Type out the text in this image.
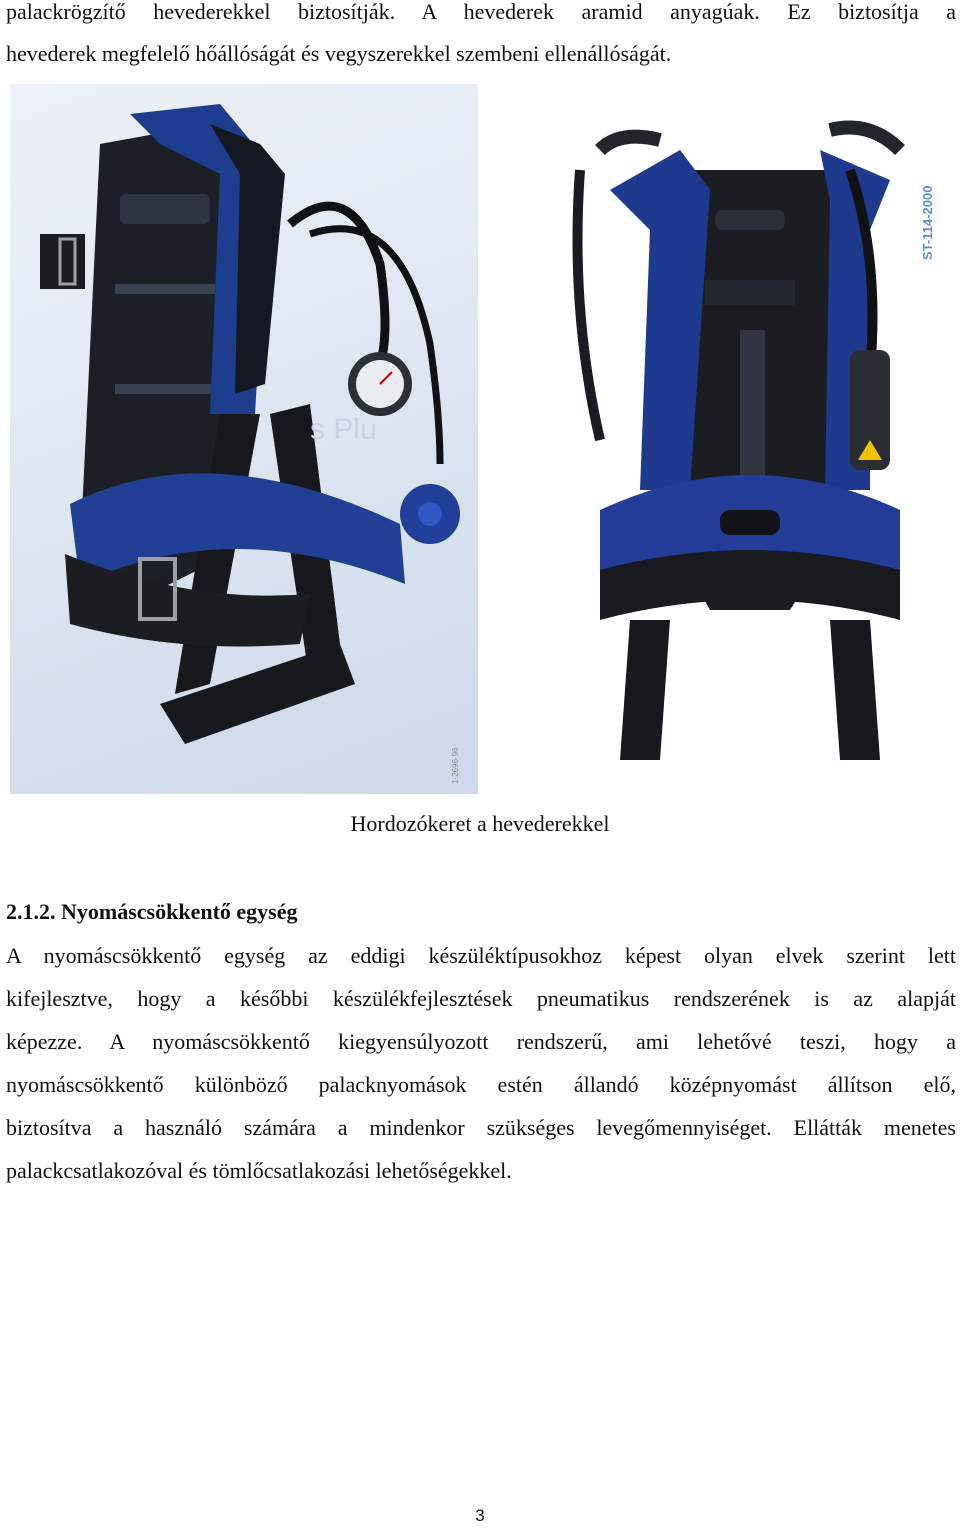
palackrögzítő hevederekkel biztosítják. A hevederek aramid anyagúak. Ez biztosítja a
hevederek megfelelő hőállóságát és vegyszerekkel szembeni ellenállóságát.
s Plu
1-2696-96
ST-114-2000
Hordozókeret a hevederekkel
2.1.2. Nyomáscsökkentő egység
A nyomáscsökkentő egység az eddigi készüléktípusokhoz képest olyan elvek szerint lett
kifejlesztve, hogy a későbbi készülékfejlesztések pneumatikus rendszerének is az alapját
képezze. A nyomáscsökkentő kiegyensúlyozott rendszerű, ami lehetővé teszi, hogy a
nyomáscsökkentő különböző palacknyomások estén állandó középnyomást állítson elő,
biztosítva a használó számára a mindenkor szükséges levegőmennyiséget. Ellátták menetes
palackcsatlakozóval és tömlőcsatlakozási lehetőségekkel.
3
